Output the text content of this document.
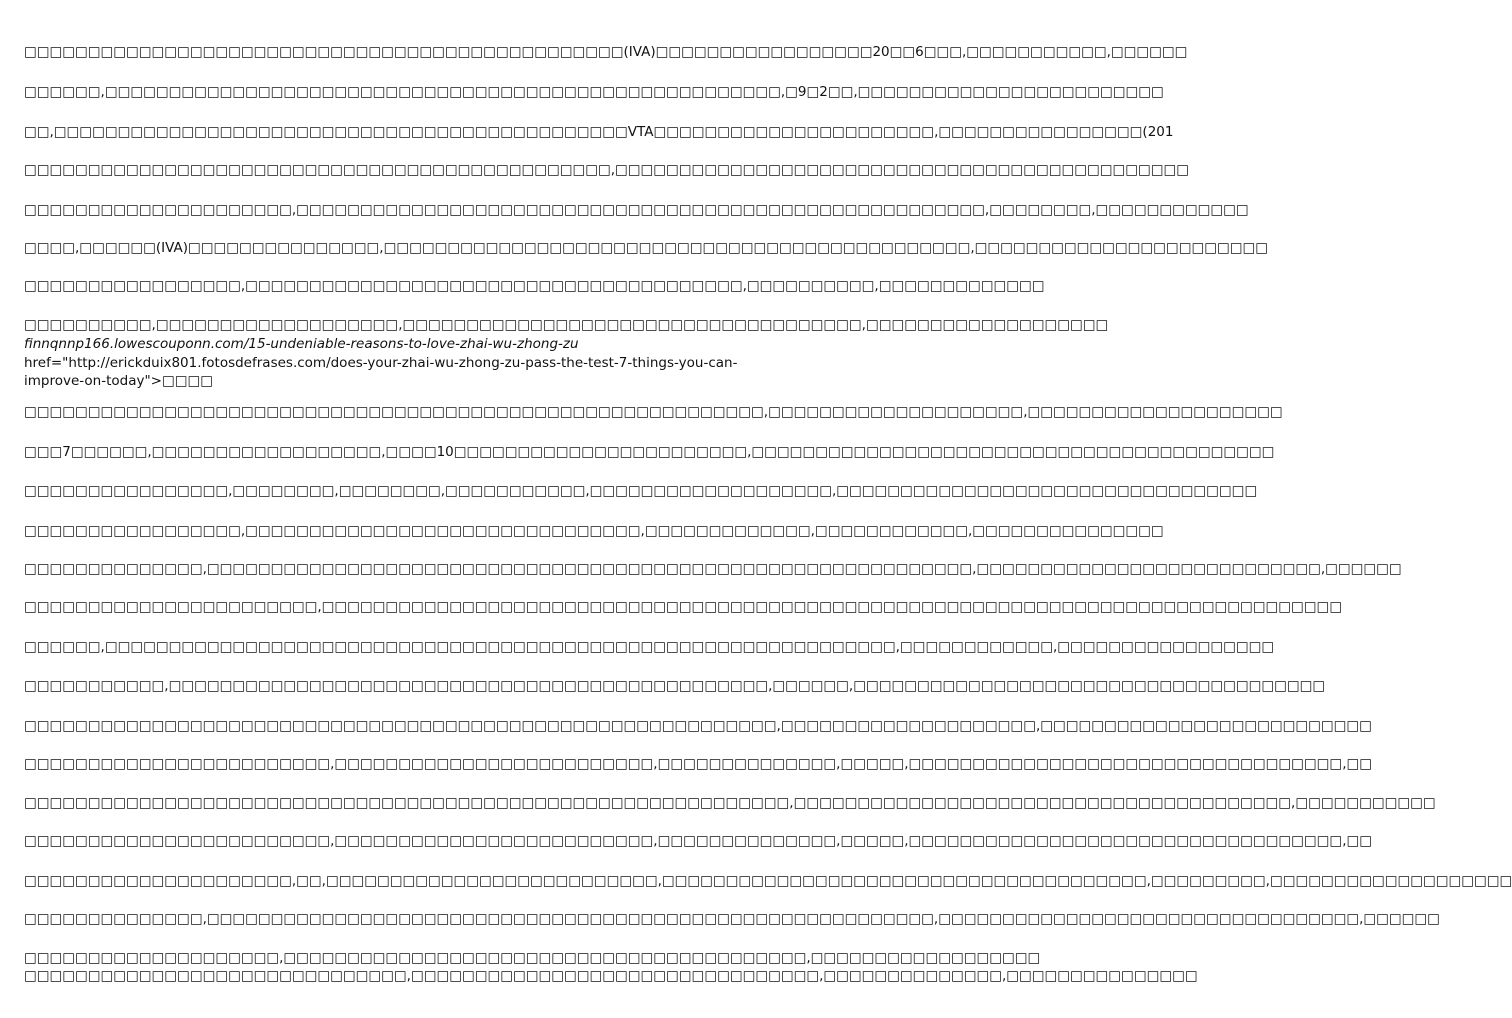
□□□□□□□□□□□□□□□□□□□□□□□□□□□□□□□□□□□□□□□□□□□□□□□(IVA)□□□□□□□□□□□□□□□□□20□□6□□□,□□□□□□□□□□□,□□□□□□
□□□□□□,□□□□□□□□□□□□□□□□□□□□□□□□□□□□□□□□□□□□□□□□□□□□□□□□□□□□□,□9□2□□,□□□□□□□□□□□□□□□□□□□□□□□□
□□,□□□□□□□□□□□□□□□□□□□□□□□□□□□□□□□□□□□□□□□□□□□□□VTA□□□□□□□□□□□□□□□□□□□□□□,□□□□□□□□□□□□□□□□(201
□□□□□□□□□□□□□□□□□□□□□□□□□□□□□□□□□□□□□□□□□□□□□□,□□□□□□□□□□□□□□□□□□□□□□□□□□□□□□□□□□□□□□□□□□□□□
□□□□□□□□□□□□□□□□□□□□□,□□□□□□□□□□□□□□□□□□□□□□□□□□□□□□□□□□□□□□□□□□□□□□□□□□□□□□,□□□□□□□□,□□□□□□□□□□□□
□□□□,□□□□□□(IVA)□□□□□□□□□□□□□□□,□□□□□□□□□□□□□□□□□□□□□□□□□□□□□□□□□□□□□□□□□□□□□□,□□□□□□□□□□□□□□□□□□□□□□□
□□□□□□□□□□□□□□□□□,□□□□□□□□□□□□□□□□□□□□□□□□□□□□□□□□□□□□□□□,□□□□□□□□□□,□□□□□□□□□□□□□
□□□□□□□□□□,□□□□□□□□□□□□□□□□□□□,□□□□□□□□□□□□□□□□□□□□□□□□□□□□□□□□□□□□,□□□□□□□□□□□□□□□□□□□
finnqnnp166.lowescouponn.com/15-undeniable-reasons-to-love-zhai-wu-zhong-zu
href="http://erickduix801.fotosdefrases.com/does-your-zhai-wu-zhong-zu-pass-the-test-7-things-you-can-
improve-on-today">□□□□
□□□□□□□□□□□□□□□□□□□□□□□□□□□□□□□□□□□□□□□□□□□□□□□□□□□□□□□□□□,□□□□□□□□□□□□□□□□□□□□,□□□□□□□□□□□□□□□□□□□□
□□□7□□□□□□,□□□□□□□□□□□□□□□□□□,□□□□10□□□□□□□□□□□□□□□□□□□□□□□,□□□□□□□□□□□□□□□□□□□□□□□□□□□□□□□□□□□□□□□□□
□□□□□□□□□□□□□□□□,□□□□□□□□,□□□□□□□□,□□□□□□□□□□□,□□□□□□□□□□□□□□□□□□□,□□□□□□□□□□□□□□□□□□□□□□□□□□□□□□□□□
□□□□□□□□□□□□□□□□□,□□□□□□□□□□□□□□□□□□□□□□□□□□□□□□□,□□□□□□□□□□□□□,□□□□□□□□□□□□,□□□□□□□□□□□□□□□
□□□□□□□□□□□□□□,□□□□□□□□□□□□□□□□□□□□□□□□□□□□□□□□□□□□□□□□□□□□□□□□□□□□□□□□□□□□,□□□□□□□□□□□□□□□□□□□□□□□□□□□,□□□□□□
□□□□□□□□□□□□□□□□□□□□□□□,□□□□□□□□□□□□□□□□□□□□□□□□□□□□□□□□□□□□□□□□□□□□□□□□□□□□□□□□□□□□□□□□□□□□□□□□□□□□□□□□
□□□□□□,□□□□□□□□□□□□□□□□□□□□□□□□□□□□□□□□□□□□□□□□□□□□□□□□□□□□□□□□□□□□□□,□□□□□□□□□□□□,□□□□□□□□□□□□□□□□□
□□□□□□□□□□□,□□□□□□□□□□□□□□□□□□□□□□□□□□□□□□□□□□□□□□□□□□□□□□□,□□□□□□,□□□□□□□□□□□□□□□□□□□□□□□□□□□□□□□□□□□□□
□□□□□□□□□□□□□□□□□□□□□□□□□□□□□□□□□□□□□□□□□□□□□□□□□□□□□□□□□□□,□□□□□□□□□□□□□□□□□□□□,□□□□□□□□□□□□□□□□□□□□□□□□□□
□□□□□□□□□□□□□□□□□□□□□□□□,□□□□□□□□□□□□□□□□□□□□□□□□□,□□□□□□□□□□□□□□,□□□□□,□□□□□□□□□□□□□□□□□□□□□□□□□□□□□□□□□□,□□
□□□□□□□□□□□□□□□□□□□□□□□□□□□□□□□□□□□□□□□□□□□□□□□□□□□□□□□□□□□□,□□□□□□□□□□□□□□□□□□□□□□□□□□□□□□□□□□□□□□□,□□□□□□□□□□□
□□□□□□□□□□□□□□□□□□□□□□□□,□□□□□□□□□□□□□□□□□□□□□□□□□,□□□□□□□□□□□□□□,□□□□□,□□□□□□□□□□□□□□□□□□□□□□□□□□□□□□□□□□,□□
□□□□□□□□□□□□□□□□□□□□□,□□,□□□□□□□□□□□□□□□□□□□□□□□□□□,□□□□□□□□□□□□□□□□□□□□□□□□□□□□□□□□□□□□□□,□□□□□□□□□,□□□□□□□□□□□□□□□□□□□
□□□□□□□□□□□□□□,□□□□□□□□□□□□□□□□□□□□□□□□□□□□□□□□□□□□□□□□□□□□□□□□□□□□□□□□□,□□□□□□□□□□□□□□□□□□□□□□□□□□□□□□□□□,□□□□□□
□□□□□□□□□□□□□□□□□□□□,□□□□□□□□□□□□□□□□□□□□□□□□□□□□□□□□□□□□□□□□□,□□□□□□□□□□□□□□□□□□
□□□□□□□□□□□□□□□□□□□□□□□□□□□□□□,□□□□□□□□□□□□□□□□□□□□□□□□□□□□□□□□,□□□□□□□□□□□□□□,□□□□□□□□□□□□□□□
